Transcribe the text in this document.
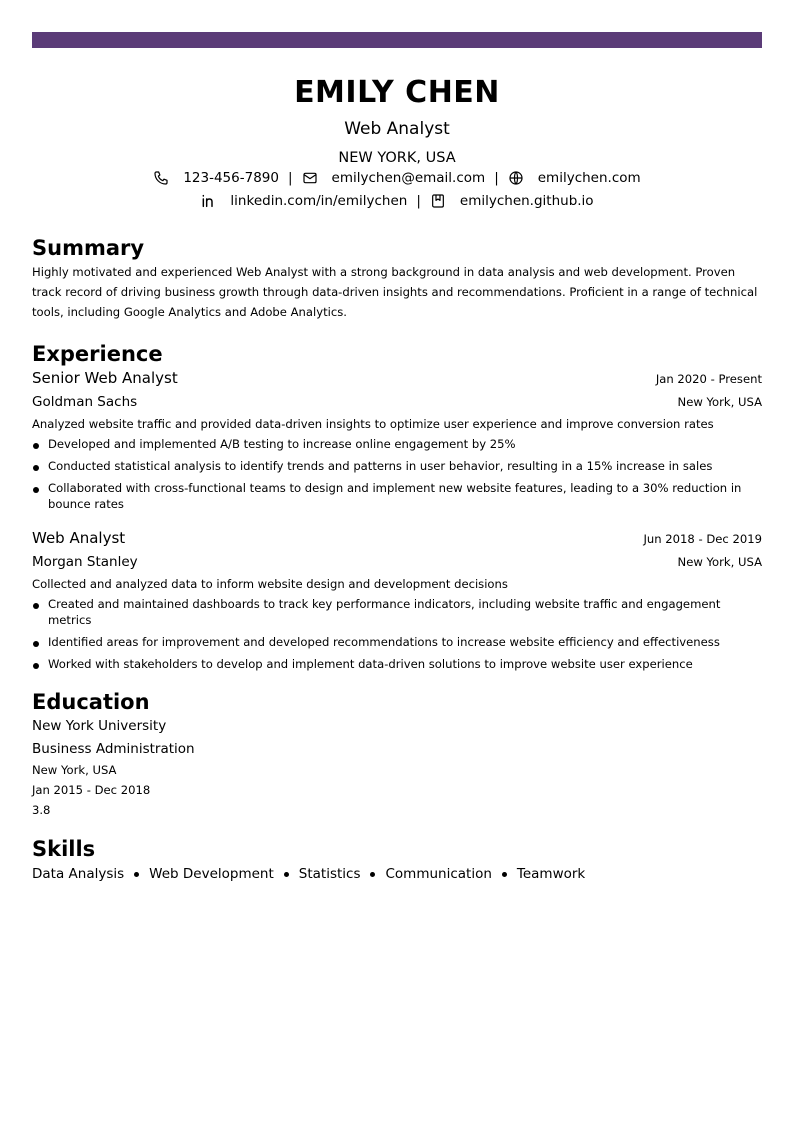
EMILY CHEN
Web Analyst
NEW YORK, USA
123-456-7890 |	emilychen@email.com |	emilychen.com
linkedin.com/in/emilychen |	emilychen.github.io
Summary
Highly motivated and experienced Web Analyst with a strong background in data analysis and web development. Proven track record of driving business growth through data-driven insights and recommendations. Proficient in a range of technical tools, including Google Analytics and Adobe Analytics.
Experience
Senior Web Analyst	Jan 2020 - Present
Goldman Sachs	New York, USA
Analyzed website traffic and provided data-driven insights to optimize user experience and improve conversion rates
Developed and implemented A/B testing to increase online engagement by 25%
Conducted statistical analysis to identify trends and patterns in user behavior, resulting in a 15% increase in sales
Collaborated with cross-functional teams to design and implement new website features, leading to a 30% reduction in bounce rates
Web Analyst	Jun 2018 - Dec 2019
Morgan Stanley	New York, USA
Collected and analyzed data to inform website design and development decisions
Created and maintained dashboards to track key performance indicators, including website traffic and engagement metrics
Identified areas for improvement and developed recommendations to increase website efficiency and effectiveness
Worked with stakeholders to develop and implement data-driven solutions to improve website user experience
Education
New York University
Business Administration
New York, USA
Jan 2015 - Dec 2018
3.8
Skills
Data Analysis Web Development Statistics Communication Teamwork
